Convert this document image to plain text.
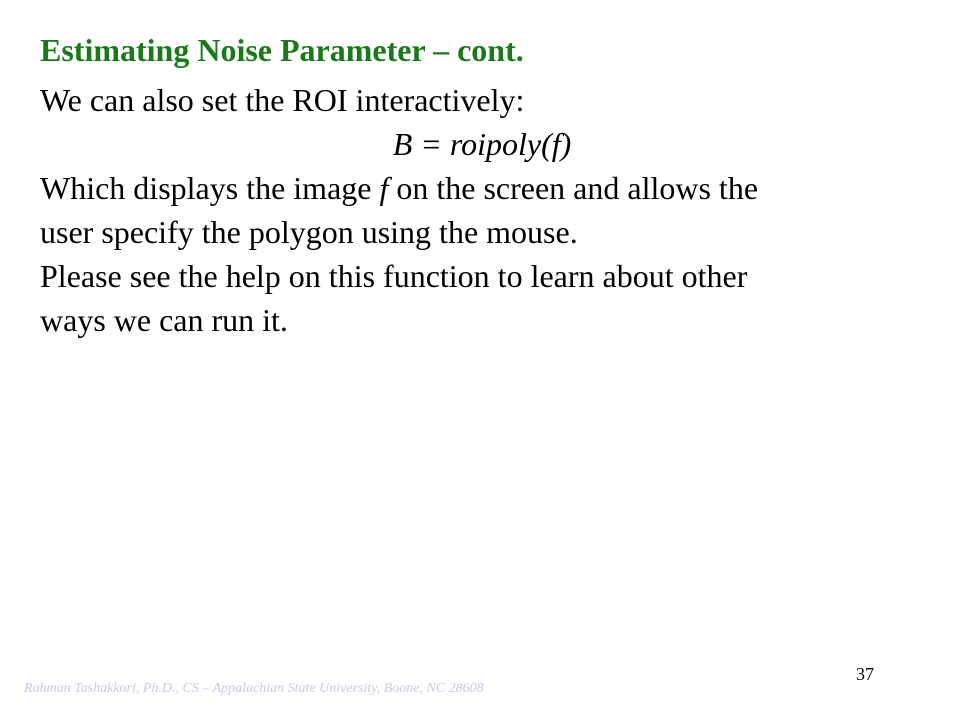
Estimating Noise Parameter – cont.
We can also set the ROI interactively:
B = roipoly(f)
Which displays the image f on the screen and allows the
user specify the polygon using the mouse.
Please see the help on this function to learn about other
ways we can run it.
37
Rahman Tashakkori, Ph.D., CS – Appalachian State University, Boone, NC 28608
